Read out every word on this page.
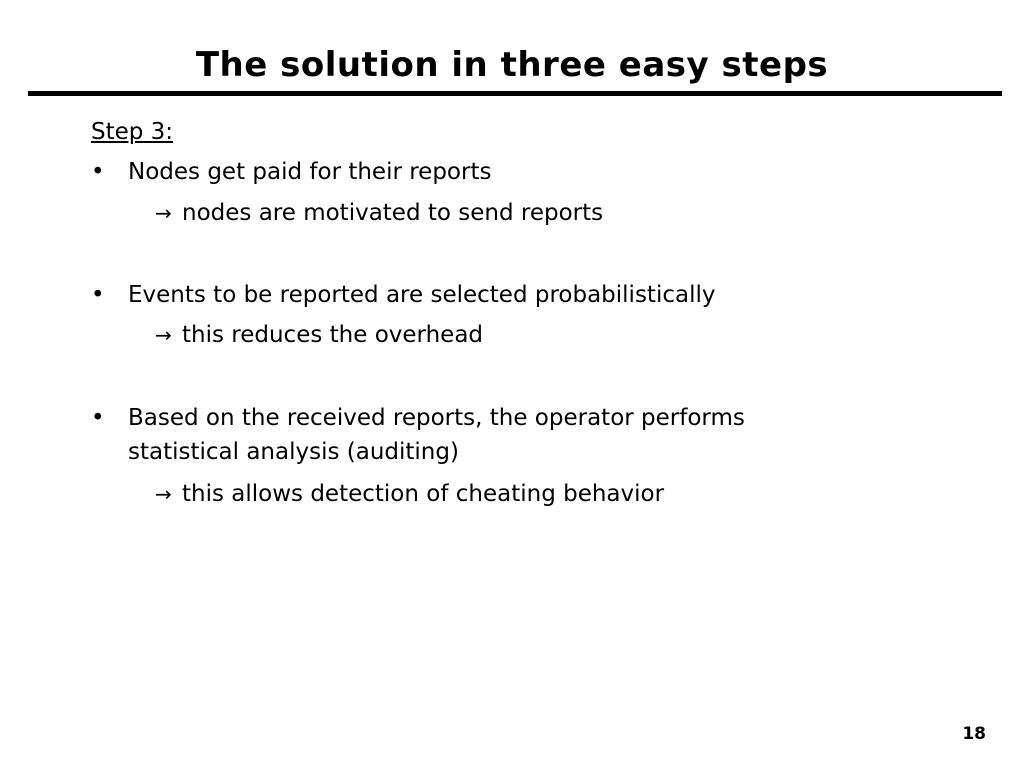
The solution in three easy steps
Step 3:
• Nodes get paid for their reports
→ nodes are motivated to send reports
• Events to be reported are selected probabilistically
→ this reduces the overhead
• Based on the received reports, the operator performs
statistical analysis (auditing)
→ this allows detection of cheating behavior
18
